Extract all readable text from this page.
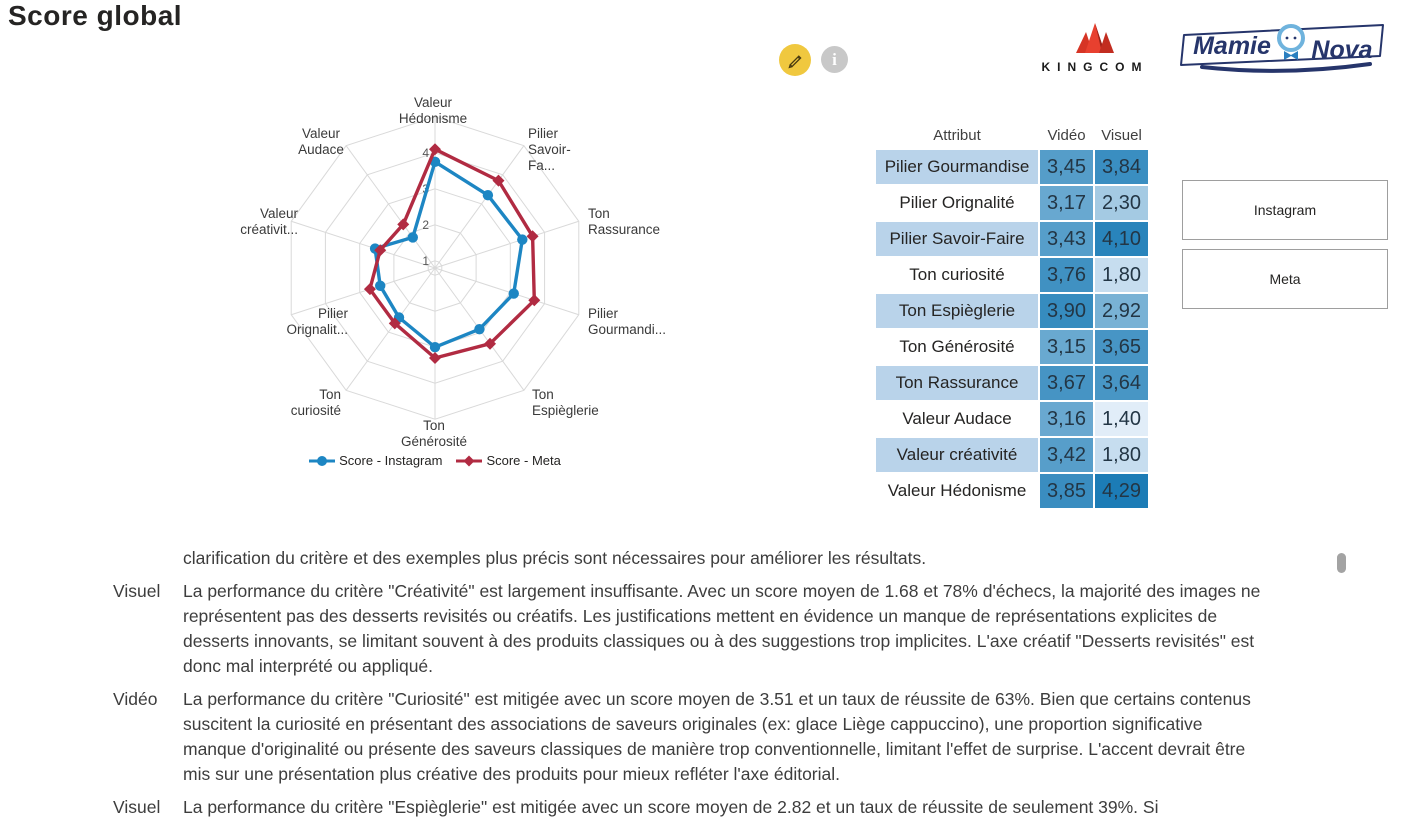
Score global
i	KINGCOM
Mamie Nova
1
2
3
4
Valeur
Hédonisme
Pilier
Savoir-
Fa...
Ton
Rassurance
Pilier
Gourmandi...
Ton
Espièglerie
Ton
Générosité
Ton
curiosité
Pilier
Orignalit...
Valeur
créativit...
Valeur
Audace
Score - Instagram	Score - Meta
Attribut	Vidéo	Visuel
Pilier Gourmandise	3,45	3,84
Pilier Orignalité	3,17	2,30
Pilier Savoir-Faire	3,43	4,10
Ton curiosité	3,76	1,80
Ton Espièglerie	3,90	2,92
Ton Générosité	3,15	3,65
Ton Rassurance	3,67	3,64
Valeur Audace	3,16	1,40
Valeur créativité	3,42	1,80
Valeur Hédonisme	3,85	4,29
Instagram
Meta
clarification du critère et des exemples plus précis sont nécessaires pour améliorer les résultats.
Visuel	La performance du critère "Créativité" est largement insuffisante. Avec un score moyen de 1.68 et 78% d'échecs, la majorité des images ne représentent pas des desserts revisités ou créatifs. Les justifications mettent en évidence un manque de représentations explicites de desserts innovants, se limitant souvent à des produits classiques ou à des suggestions trop implicites. L'axe créatif "Desserts revisités" est donc mal interprété ou appliqué.
Vidéo	La performance du critère "Curiosité" est mitigée avec un score moyen de 3.51 et un taux de réussite de 63%. Bien que certains contenus suscitent la curiosité en présentant des associations de saveurs originales (ex: glace Liège cappuccino), une proportion significative manque d'originalité ou présente des saveurs classiques de manière trop conventionnelle, limitant l'effet de surprise. L'accent devrait être mis sur une présentation plus créative des produits pour mieux refléter l'axe éditorial.
Visuel	La performance du critère "Espièglerie" est mitigée avec un score moyen de 2.82 et un taux de réussite de seulement 39%. Si
